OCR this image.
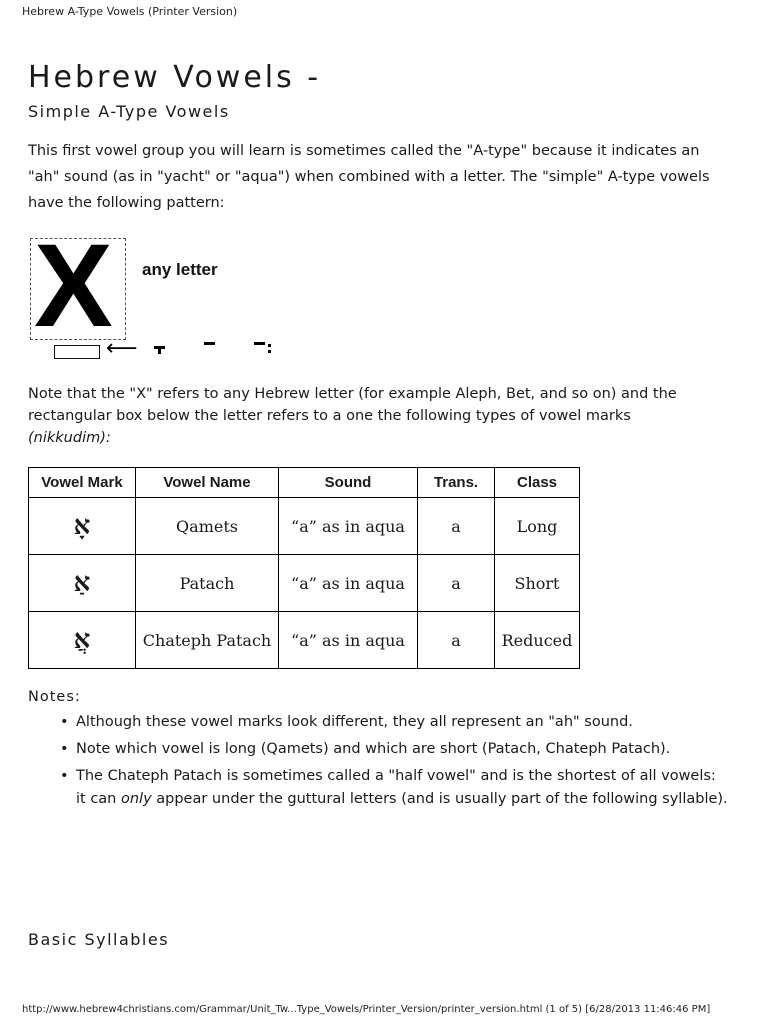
Hebrew A-Type Vowels (Printer Version)
Hebrew Vowels -
Simple A-Type Vowels

This first vowel group you will learn is sometimes called the "A-type" because it indicates an "ah" sound (as in "yacht" or "aqua") when combined with a letter. The "simple" A-type vowels have the following pattern:

X any letter
⟵

Note that the "X" refers to any Hebrew letter (for example Aleph, Bet, and so on) and the rectangular box below the letter refers to a one the following types of vowel marks
(nikkudim):

Vowel Mark	Vowel Name	Sound	Trans.	Class
אָ	Qamets	“a” as in aqua	a	Long
אַ	Patach	“a” as in aqua	a	Short
אֲ	Chateph Patach	“a” as in aqua	a	Reduced
Notes:
• Although these vowel marks look different, they all represent an "ah" sound.
• Note which vowel is long (Qamets) and which are short (Patach, Chateph Patach).
• The Chateph Patach is sometimes called a "half vowel" and is the shortest of all vowels: it can only appear under the guttural letters (and is usually part of the following syllable).
Basic Syllables
http://www.hebrew4christians.com/Grammar/Unit_Tw...Type_Vowels/Printer_Version/printer_version.html (1 of 5) [6/28/2013 11:46:46 PM]
